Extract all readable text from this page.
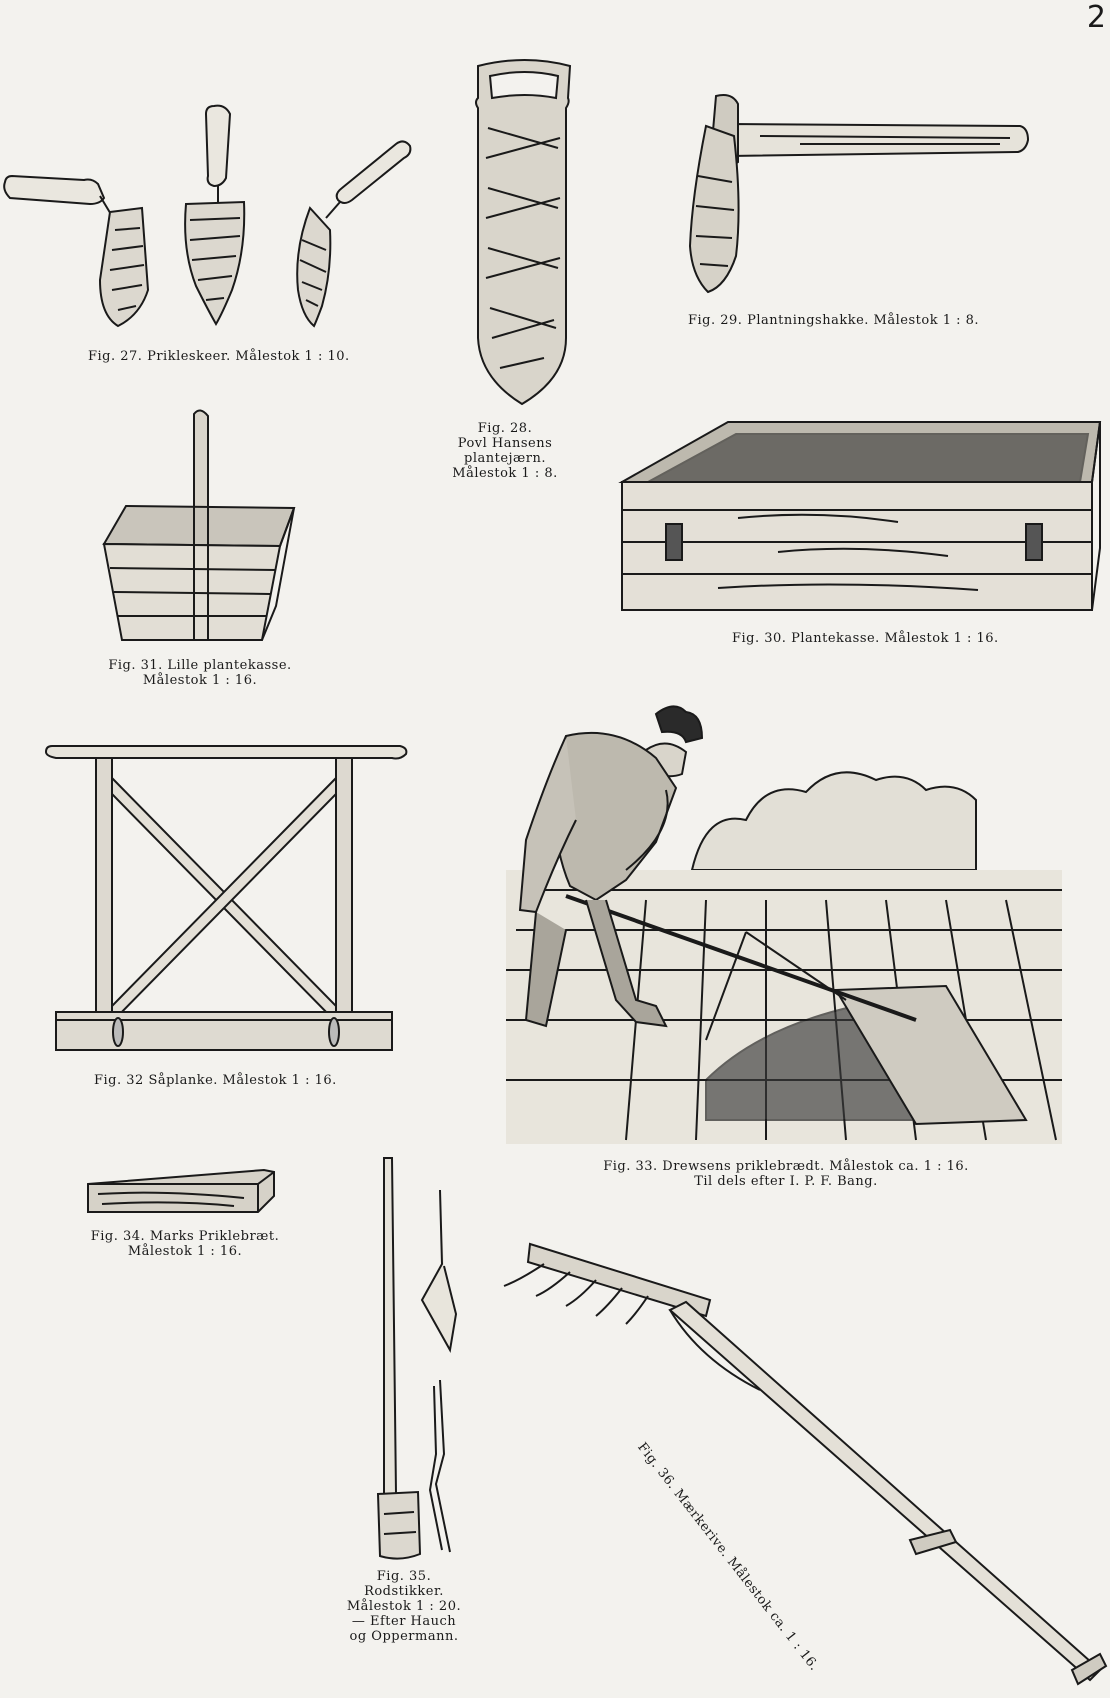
2
Fig. 27. Prikleskeer. Målestok 1 : 10.
Fig. 28.
Povl Hansens
plantejærn.
Målestok 1 : 8.
Fig. 29. Plantningshakke. Målestok 1 : 8.
Fig. 31. Lille plantekasse.
Målestok 1 : 16.
Fig. 30. Plantekasse. Målestok 1 : 16.
Fig. 32 Såplanke. Målestok 1 : 16.
Fig. 33. Drewsens priklebrædt. Målestok ca. 1 : 16.
Til dels efter I. P. F. Bang.
Fig. 34. Marks Priklebræt.
Målestok 1 : 16.
Fig. 35.
Rodstikker.
Målestok 1 : 20.
— Efter Hauch
og Oppermann.	Fig. 36. Mærkerive. Målestok ca. 1 : 16.
